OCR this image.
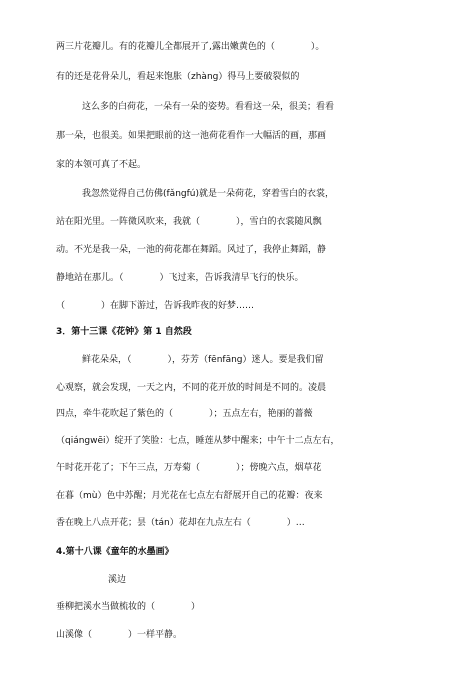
两三片花瓣儿。有的花瓣儿全都展开了,露出嫩黄色的（　　　　）。
有的还是花骨朵儿，看起来饱胀（zhàng）得马上要破裂似的
这么多的白荷花，一朵有一朵的姿势。看看这一朵，很美；看看
那一朵，也很美。如果把眼前的这一池荷花看作一大幅活的画，那画
家的本领可真了不起。
我忽然觉得自己仿佛(fǎngfú)就是一朵荷花，穿着雪白的衣裳，
站在阳光里。一阵微风吹来，我就（　　　　），雪白的衣裳随风飘
动。不光是我一朵，一池的荷花都在舞蹈。风过了，我停止舞蹈，静
静地站在那儿。（　　　　）飞过来，告诉我清早飞行的快乐。
（　　　　）在脚下游过，告诉我昨夜的好梦……
3．第十三课《花钟》第 1 自然段
鲜花朵朵，（　　　　），芬芳（fēnfāng）迷人。要是我们留
心观察，就会发现，一天之内，不同的花开放的时间是不同的。凌晨
四点，牵牛花吹起了紫色的（　　　　）；五点左右，艳丽的蔷薇
（qiángwēi）绽开了笑脸：七点，睡莲从梦中醒来；中午十二点左右，
午时花开花了；下午三点，万寿菊（　　　　）；傍晚六点，烟草花
在暮（mù）色中苏醒；月光花在七点左右舒展开自己的花瓣：夜来
香在晚上八点开花；昙（tán）花却在九点左右（　　　　）…
4.第十八课《童年的水墨画》
溪边
垂柳把溪水当做梳妆的（　　　　）
山溪像（　　　　）一样平静。
